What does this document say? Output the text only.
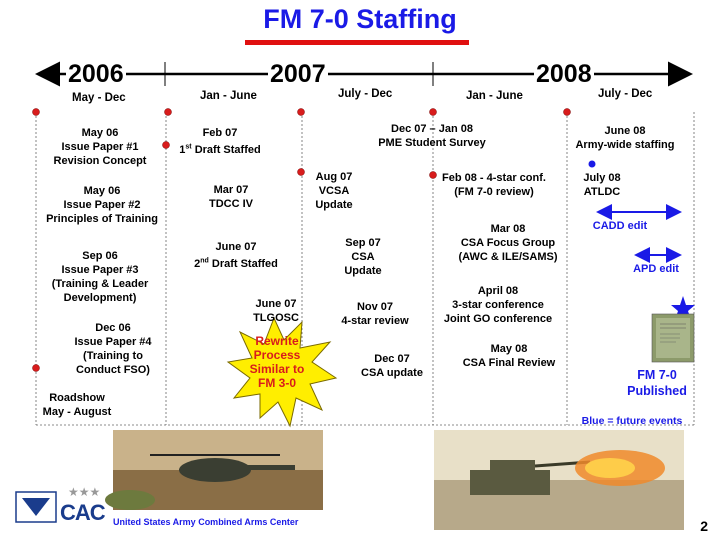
FM 7-0 Staffing
★★★
2006	2007	2008
May - Dec	Jan - June	July - Dec	Jan - June	July - Dec
May 06
Issue Paper #1
Revision Concept
May 06
Issue Paper #2
Principles of Training
Sep 06
Issue Paper #3
(Training & Leader
Development)
Dec 06
Issue Paper #4
(Training to
Conduct FSO)
Roadshow
May - August
Feb 07
1st Draft Staffed
Mar 07
TDCC IV
June 07
2nd Draft Staffed
June 07
TLGOSC
Rewrite
Process
Similar to
FM 3-0
Aug 07
VCSA
Update
Sep 07
CSA
Update
Nov 07
4-star review
Dec 07
CSA update
Dec 07 – Jan 08
PME Student Survey
Feb 08 - 4-star conf.
(FM 7-0 review)
Mar 08
CSA Focus Group
(AWC & ILE/SAMS)
April 08
3-star conference
Joint GO conference
May 08
CSA Final Review
June 08
Army-wide staffing
July 08
ATLDC
CADD edit
APD edit
FM 7-0
Published
Blue = future events
CAC United States Army Combined Arms Center	2
